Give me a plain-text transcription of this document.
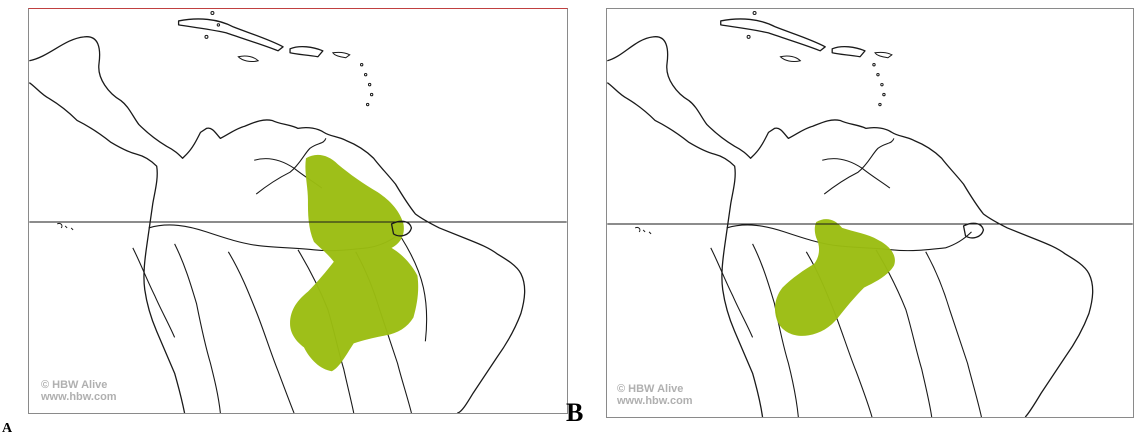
A
© HBW Alive
www.hbw.com
B
© HBW Alive
www.hbw.com
